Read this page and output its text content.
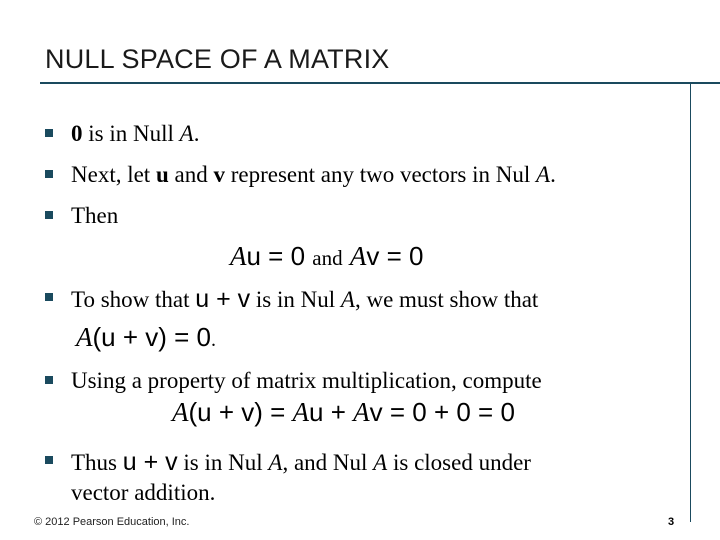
NULL SPACE OF A MATRIX
0 is in Null A.
Next, let u and v represent any two vectors in Nul A.
Then
Au = 0 and Av = 0
To show that u + v is in Nul A, we must show that
A(u + v) = 0.
Using a property of matrix multiplication, compute
A(u + v) = Au + Av = 0 + 0 = 0
Thus u + v is in Nul A, and Nul A is closed under
vector addition.
© 2012 Pearson Education, Inc.	3
